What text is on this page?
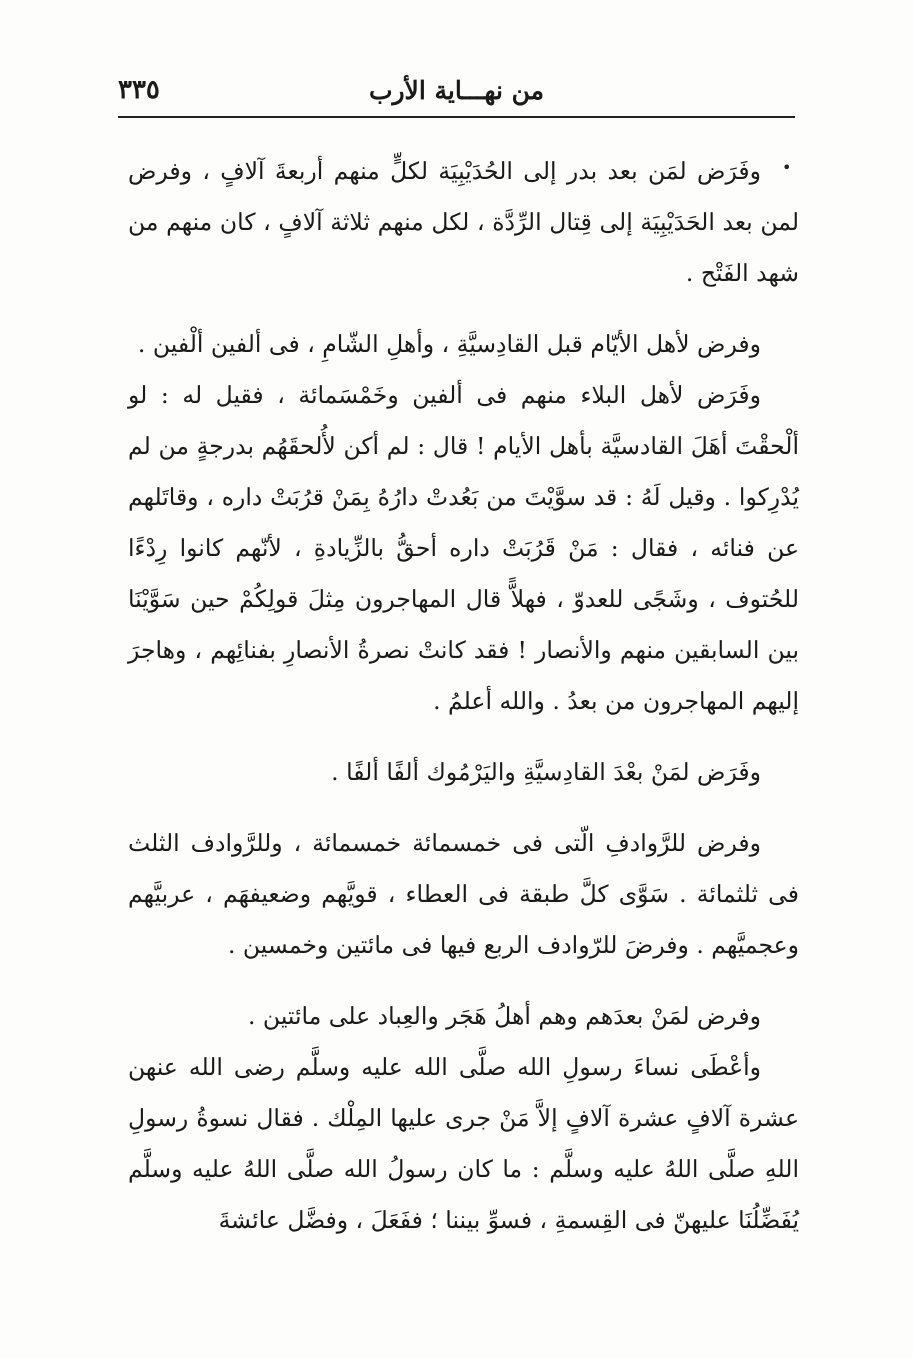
٣٣٥	من نهـــاية الأرب
•

وفَرَض لمَن بعد بدر إلى الحُدَيْبِيَة لكلٍّ منهم أربعةَ آلافٍ ، وفرض لمن بعد الحَدَيْبِيَة إلى قِتال الرِّدَّة ، لكل منهم ثلاثة آلافٍ ، كان منهم من شهد الفَتْح .

وفرض لأهل الأيّام قبل القادِسيَّةِ ، وأهلِ الشّامِ ، فى ألفين ألْفين .

وفَرَض لأهل البلاء منهم فى ألفين وخَمْسَمائة ، فقيل له : لو ألْحقْتَ أهَلَ القادسيَّة بأهل الأيام ! قال : لم أكن لأُلحقَهُم بدرجةٍ من لم يُدْرِكوا . وقيل لَهُ : قد سوَّيْتَ من بَعُدتْ دارُهُ بِمَنْ قرُبَتْ داره ، وقاتَلهم عن فنائه ، فقال : مَنْ قَرُبَتْ داره أحقُّ بالزِّيادةِ ، لأنّهم كانوا رِدْءًا للحُتوف ، وشَجًى للعدوّ ، فهلاًّ قال المهاجرون مِثلَ قولِكُمْ حين سَوَّيْنَا بين السابقين منهم والأنصار ! فقد كانتْ نصرةُ الأنصارِ بفنائِهم ، وهاجرَ إليهم المهاجرون من بعدُ . والله أعلمُ .

وفَرَض لمَنْ بعْدَ القادِسيَّةِ واليَرْمُوك ألفًا ألفًا .

وفرض للرَّوادفِ الّتى فى خمسمائة خمسمائة ، وللرَّوادف الثلث فى ثلثمائة . سَوَّى كلَّ طبقة فى العطاء ، قويَّهم وضعيفهَم ، عربيَّهم وعجميَّهم . وفرضَ للرّوادف الربع فيها فى مائتين وخمسين .

وفرض لمَنْ بعدَهم وهم أهلُ هَجَر والعِباد على مائتين .

وأعْطَى نساءَ رسولِ الله صلَّى الله عليه وسلَّم رضى الله عنهن عشرة آلافٍ عشرة آلافٍ إلاَّ مَنْ جرى عليها المِلْك . فقال نسوةُ رسولِ اللهِ صلَّى اللهُ عليه وسلَّم : ما كان رسولُ الله صلَّى اللهُ عليه وسلَّم يُفَضِّلُنَا عليهنّ فى القِسمةِ ، فسوِّ بيننا ؛ ففَعَلَ ، وفضَّل عائشةَ
